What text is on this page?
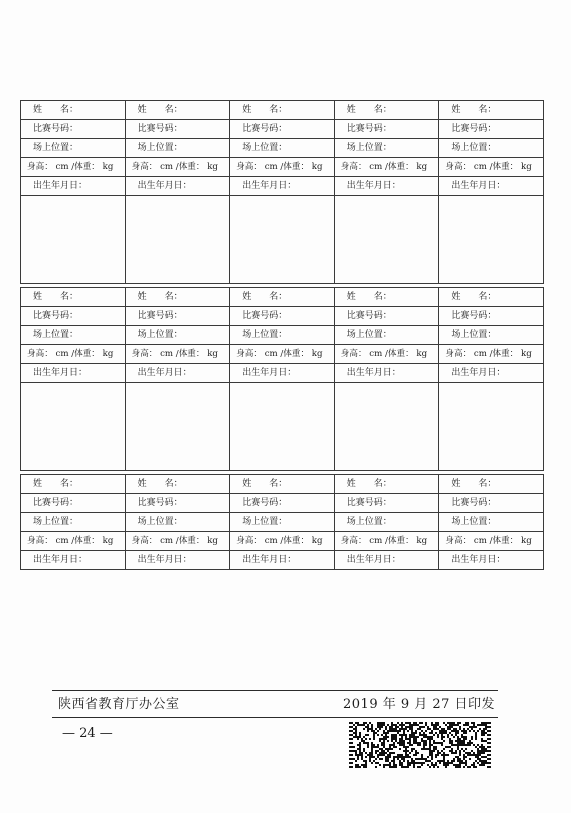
姓　　名：	姓　　名：	姓　　名：	姓　　名：	姓　　名：
比赛号码：	比赛号码：	比赛号码：	比赛号码：	比赛号码：
场上位置：	场上位置：	场上位置：	场上位置：	场上位置：
身高： cm /体重： kg	身高： cm /体重： kg	身高： cm /体重： kg	身高： cm /体重： kg	身高： cm /体重： kg
出生年月日：	出生年月日：	出生年月日：	出生年月日：	出生年月日：

姓　　名：	姓　　名：	姓　　名：	姓　　名：	姓　　名：
比赛号码：	比赛号码：	比赛号码：	比赛号码：	比赛号码：
场上位置：	场上位置：	场上位置：	场上位置：	场上位置：
身高： cm /体重： kg	身高： cm /体重： kg	身高： cm /体重： kg	身高： cm /体重： kg	身高： cm /体重： kg
出生年月日：	出生年月日：	出生年月日：	出生年月日：	出生年月日：

姓　　名：	姓　　名：	姓　　名：	姓　　名：	姓　　名：
比赛号码：	比赛号码：	比赛号码：	比赛号码：	比赛号码：
场上位置：	场上位置：	场上位置：	场上位置：	场上位置：
身高： cm /体重： kg	身高： cm /体重： kg	身高： cm /体重： kg	身高： cm /体重： kg	身高： cm /体重： kg
出生年月日：	出生年月日：	出生年月日：	出生年月日：	出生年月日：
陕西省教育厅办公室	2019 年 9 月 27 日印发
— 24 —
